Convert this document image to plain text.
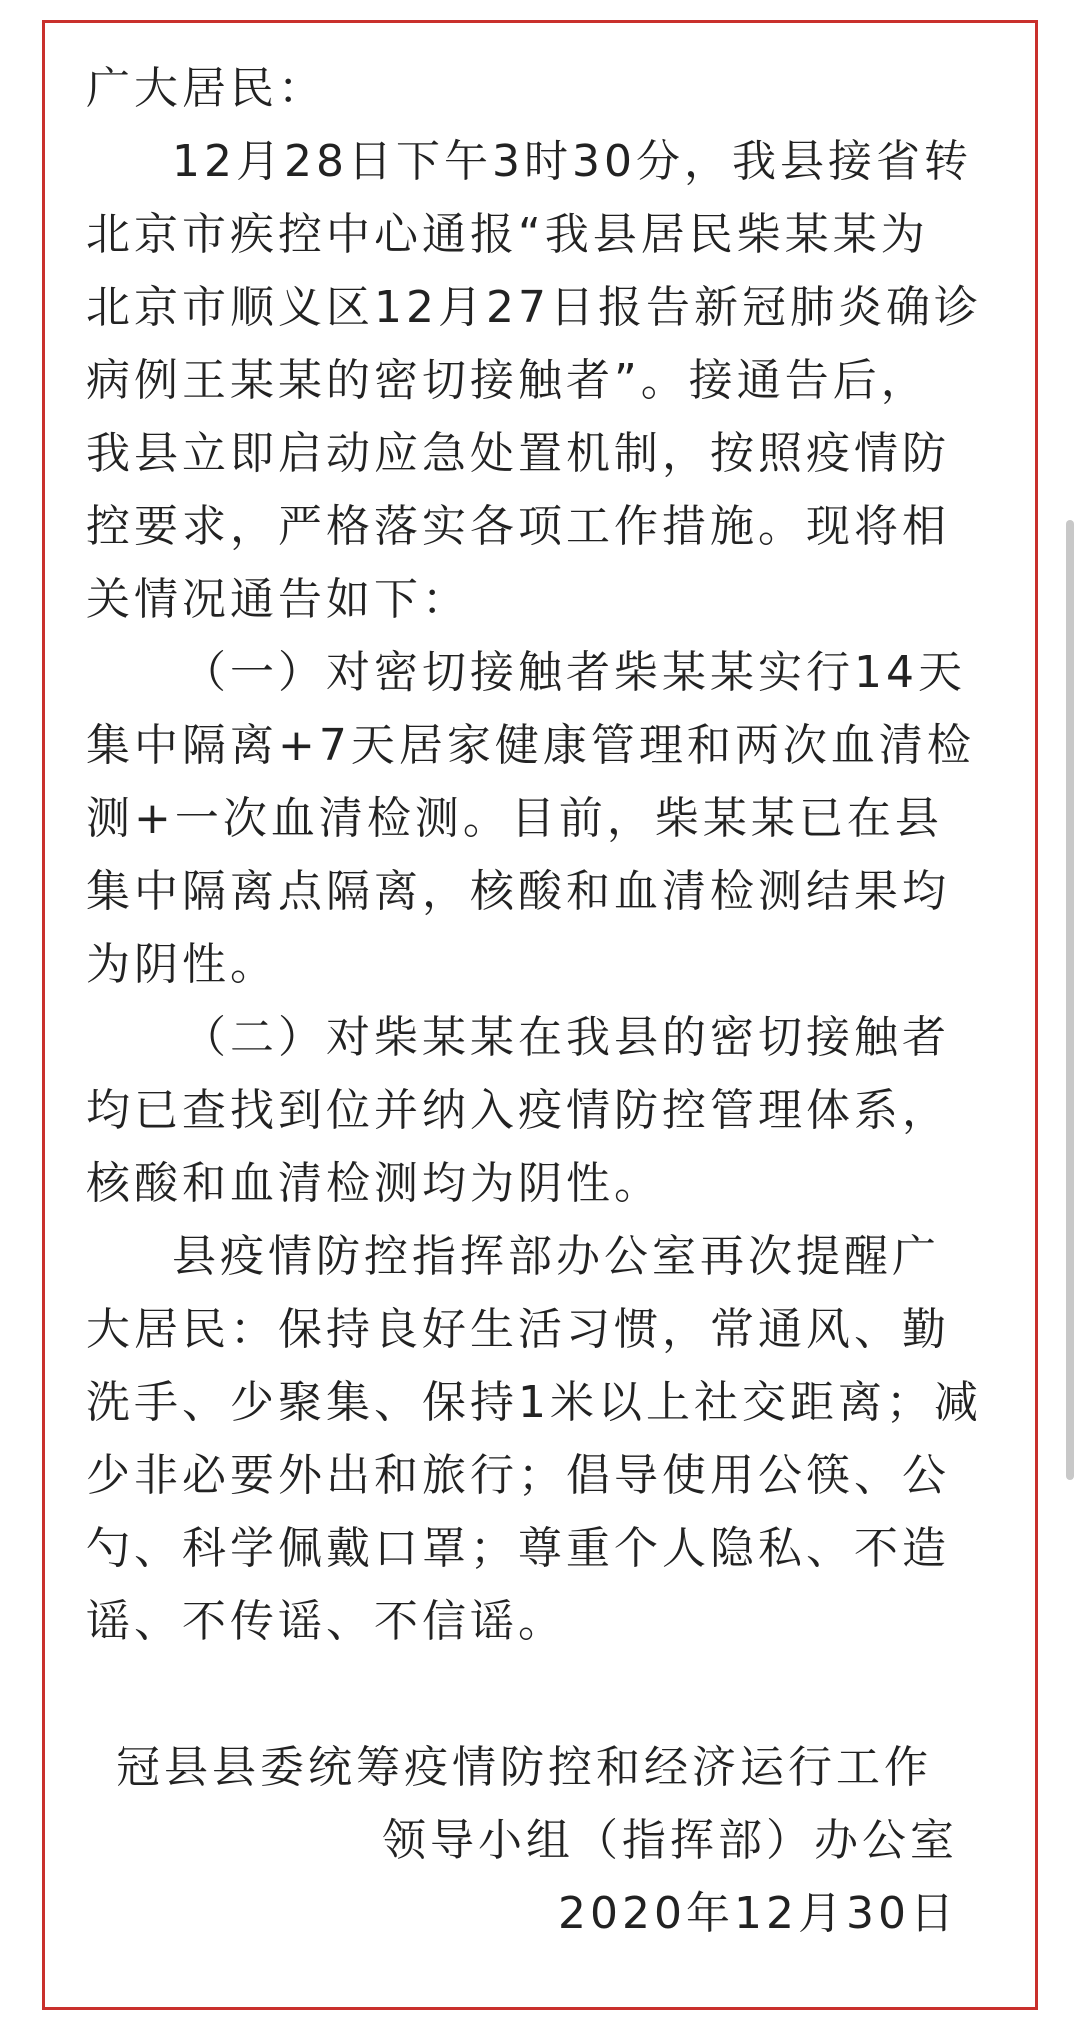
广大居民：
12月28日下午3时30分，我县接省转
北京市疾控中心通报“我县居民柴某某为
北京市顺义区12月27日报告新冠肺炎确诊
病例王某某的密切接触者”。接通告后，
我县立即启动应急处置机制，按照疫情防
控要求，严格落实各项工作措施。现将相
关情况通告如下：
（一）对密切接触者柴某某实行14天
集中隔离+7天居家健康管理和两次血清检
测+一次血清检测。目前，柴某某已在县
集中隔离点隔离，核酸和血清检测结果均
为阴性。
（二）对柴某某在我县的密切接触者
均已查找到位并纳入疫情防控管理体系，
核酸和血清检测均为阴性。
县疫情防控指挥部办公室再次提醒广
大居民：保持良好生活习惯，常通风、勤
洗手、少聚集、保持1米以上社交距离；减
少非必要外出和旅行；倡导使用公筷、公
勺、科学佩戴口罩；尊重个人隐私、不造
谣、不传谣、不信谣。
冠县县委统筹疫情防控和经济运行工作
领导小组（指挥部）办公室
2020年12月30日
